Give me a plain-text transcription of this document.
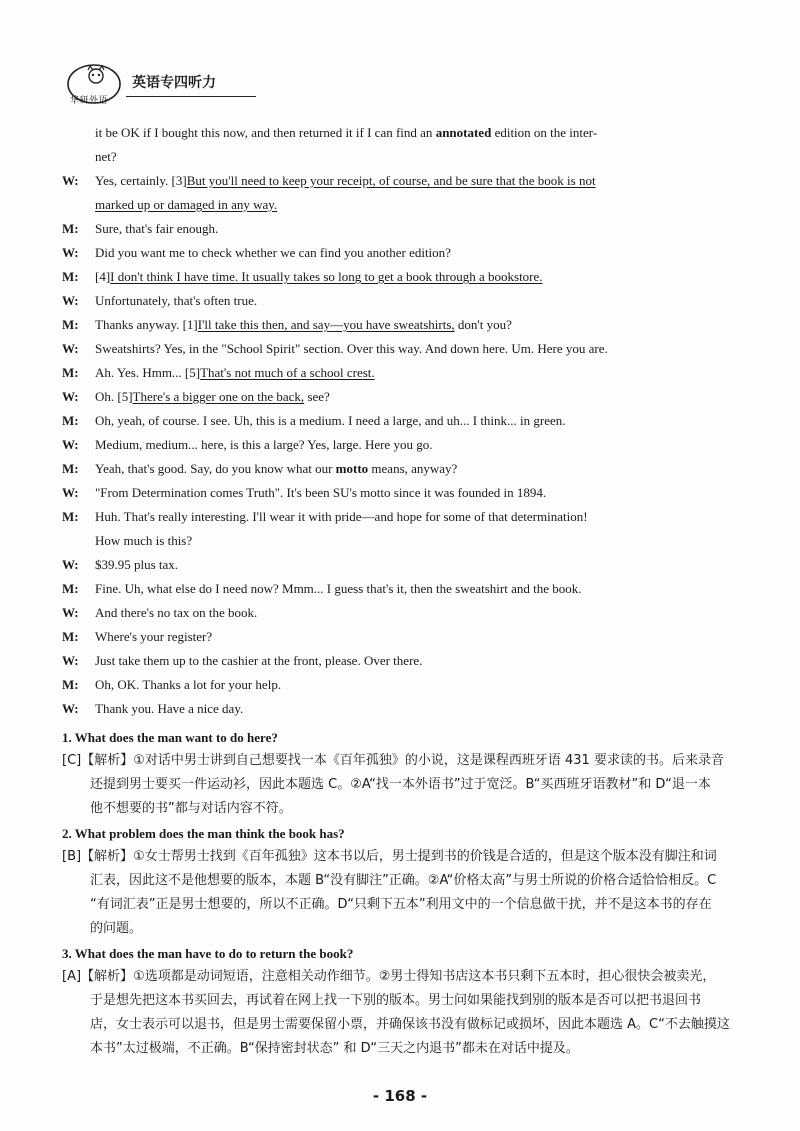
华研外语
英语专四听力
it be OK if I bought this now, and then returned it if I can find an annotated edition on the inter-
net?
W: Yes, certainly. [3]But you'll need to keep your receipt, of course, and be sure that the book is not
marked up or damaged in any way.
M: Sure, that's fair enough.
W: Did you want me to check whether we can find you another edition?
M: [4]I don't think I have time. It usually takes so long to get a book through a bookstore.
W: Unfortunately, that's often true.
M: Thanks anyway. [1]I'll take this then, and say—you have sweatshirts, don't you?
W: Sweatshirts? Yes, in the "School Spirit" section. Over this way. And down here. Um. Here you are.
M: Ah. Yes. Hmm... [5]That's not much of a school crest.
W: Oh. [5]There's a bigger one on the back, see?
M: Oh, yeah, of course. I see. Uh, this is a medium. I need a large, and uh... I think... in green.
W: Medium, medium... here, is this a large? Yes, large. Here you go.
M: Yeah, that's good. Say, do you know what our motto means, anyway?
W: "From Determination comes Truth". It's been SU's motto since it was founded in 1894.
M: Huh. That's really interesting. I'll wear it with pride—and hope for some of that determination!
How much is this?
W: $39.95 plus tax.
M: Fine. Uh, what else do I need now? Mmm... I guess that's it, then the sweatshirt and the book.
W: And there's no tax on the book.
M: Where's your register?
W: Just take them up to the cashier at the front, please. Over there.
M: Oh, OK. Thanks a lot for your help.
W: Thank you. Have a nice day.
1. What does the man want to do here?
[C]【解析】①对话中男士讲到自己想要找一本《百年孤独》的小说，这是课程西班牙语 431 要求读的书。后来录音
还提到男士要买一件运动衫，因此本题选 C。②A“找一本外语书”过于宽泛。B“买西班牙语教材”和 D“退一本
他不想要的书”都与对话内容不符。
2. What problem does the man think the book has?
[B]【解析】①女士帮男士找到《百年孤独》这本书以后，男士提到书的价钱是合适的，但是这个版本没有脚注和词
汇表，因此这不是他想要的版本，本题 B“没有脚注”正确。②A“价格太高”与男士所说的价格合适恰恰相反。C
“有词汇表”正是男士想要的，所以不正确。D“只剩下五本”利用文中的一个信息做干扰，并不是这本书的存在
的问题。
3. What does the man have to do to return the book?
[A]【解析】①选项都是动词短语，注意相关动作细节。②男士得知书店这本书只剩下五本时，担心很快会被卖光，
于是想先把这本书买回去，再试着在网上找一下别的版本。男士问如果能找到别的版本是否可以把书退回书
店，女士表示可以退书，但是男士需要保留小票，并确保该书没有做标记或损坏，因此本题选 A。C“不去触摸这
本书”太过极端，不正确。B“保持密封状态” 和 D“三天之内退书”都未在对话中提及。
- 168 -
